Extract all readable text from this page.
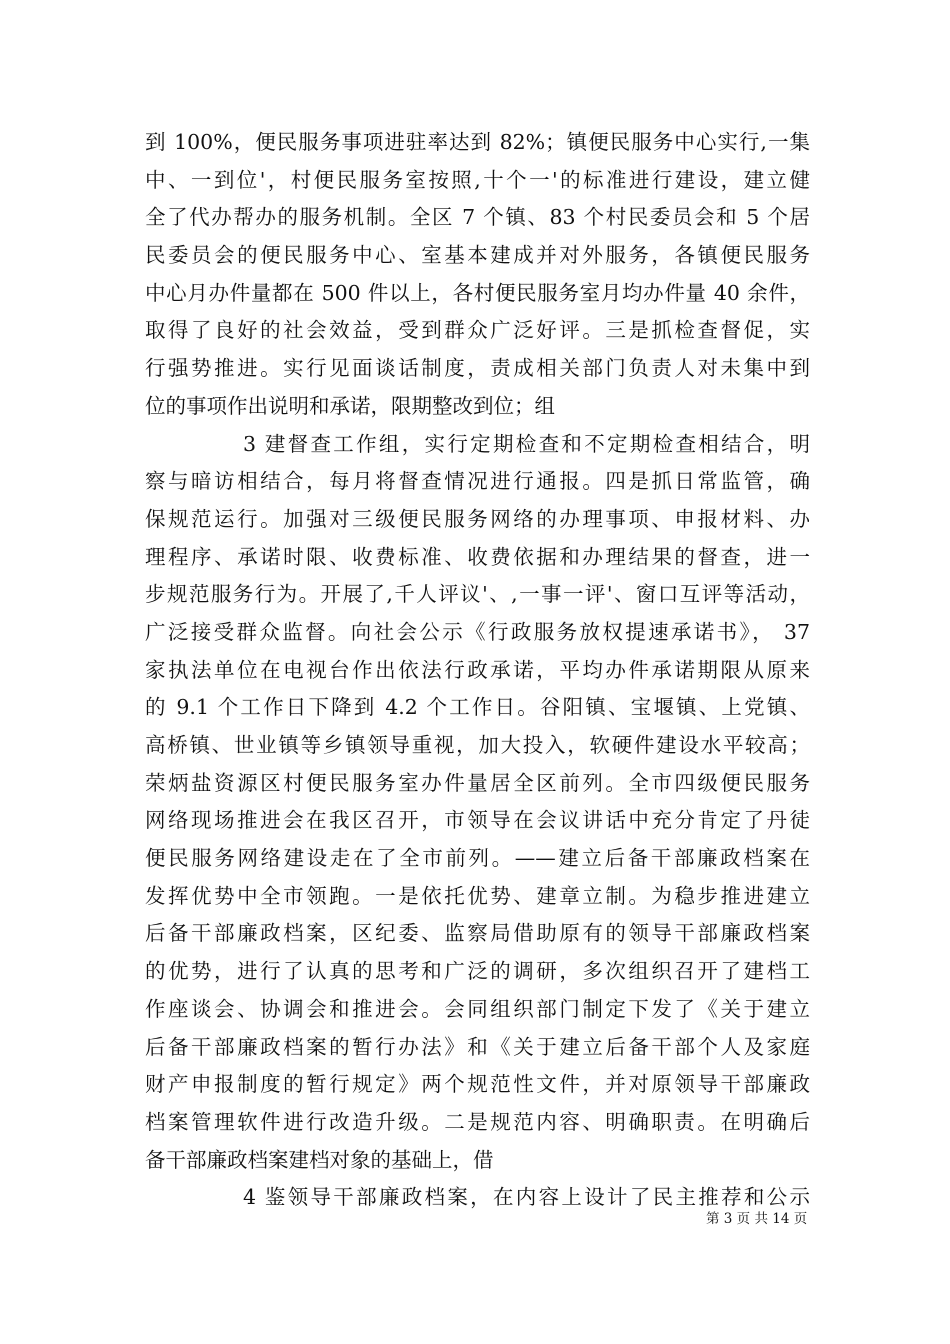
到 100%，便民服务事项进驻率达到 82%；镇便民服务中心实行,一集
中、一到位'，村便民服务室按照,十个一'的标准进行建设，建立健
全了代办帮办的服务机制。全区 7 个镇、83 个村民委员会和 5 个居
民委员会的便民服务中心、室基本建成并对外服务，各镇便民服务
中心月办件量都在 500 件以上，各村便民服务室月均办件量 40 余件，
取得了良好的社会效益，受到群众广泛好评。三是抓检查督促，实
行强势推进。实行见面谈话制度，责成相关部门负责人对未集中到
位的事项作出说明和承诺，限期整改到位；组
3 建督查工作组，实行定期检查和不定期检查相结合，明
察与暗访相结合，每月将督查情况进行通报。四是抓日常监管，确
保规范运行。加强对三级便民服务网络的办理事项、申报材料、办
理程序、承诺时限、收费标准、收费依据和办理结果的督查，进一
步规范服务行为。开展了,千人评议'、,一事一评'、窗口互评等活动，
广泛接受群众监督。向社会公示《行政服务放权提速承诺书》， 37
家执法单位在电视台作出依法行政承诺，平均办件承诺期限从原来
的 9.1 个工作日下降到 4.2 个工作日。谷阳镇、宝堰镇、上党镇、
高桥镇、世业镇等乡镇领导重视，加大投入，软硬件建设水平较高；
荣炳盐资源区村便民服务室办件量居全区前列。全市四级便民服务
网络现场推进会在我区召开，市领导在会议讲话中充分肯定了丹徒
便民服务网络建设走在了全市前列。——建立后备干部廉政档案在
发挥优势中全市领跑。一是依托优势、建章立制。为稳步推进建立
后备干部廉政档案，区纪委、监察局借助原有的领导干部廉政档案
的优势，进行了认真的思考和广泛的调研，多次组织召开了建档工
作座谈会、协调会和推进会。会同组织部门制定下发了《关于建立
后备干部廉政档案的暂行办法》和《关于建立后备干部个人及家庭
财产申报制度的暂行规定》两个规范性文件，并对原领导干部廉政
档案管理软件进行改造升级。二是规范内容、明确职责。在明确后
备干部廉政档案建档对象的基础上，借
4 鉴领导干部廉政档案，在内容上设计了民主推荐和公示
第 3 页 共 14 页
